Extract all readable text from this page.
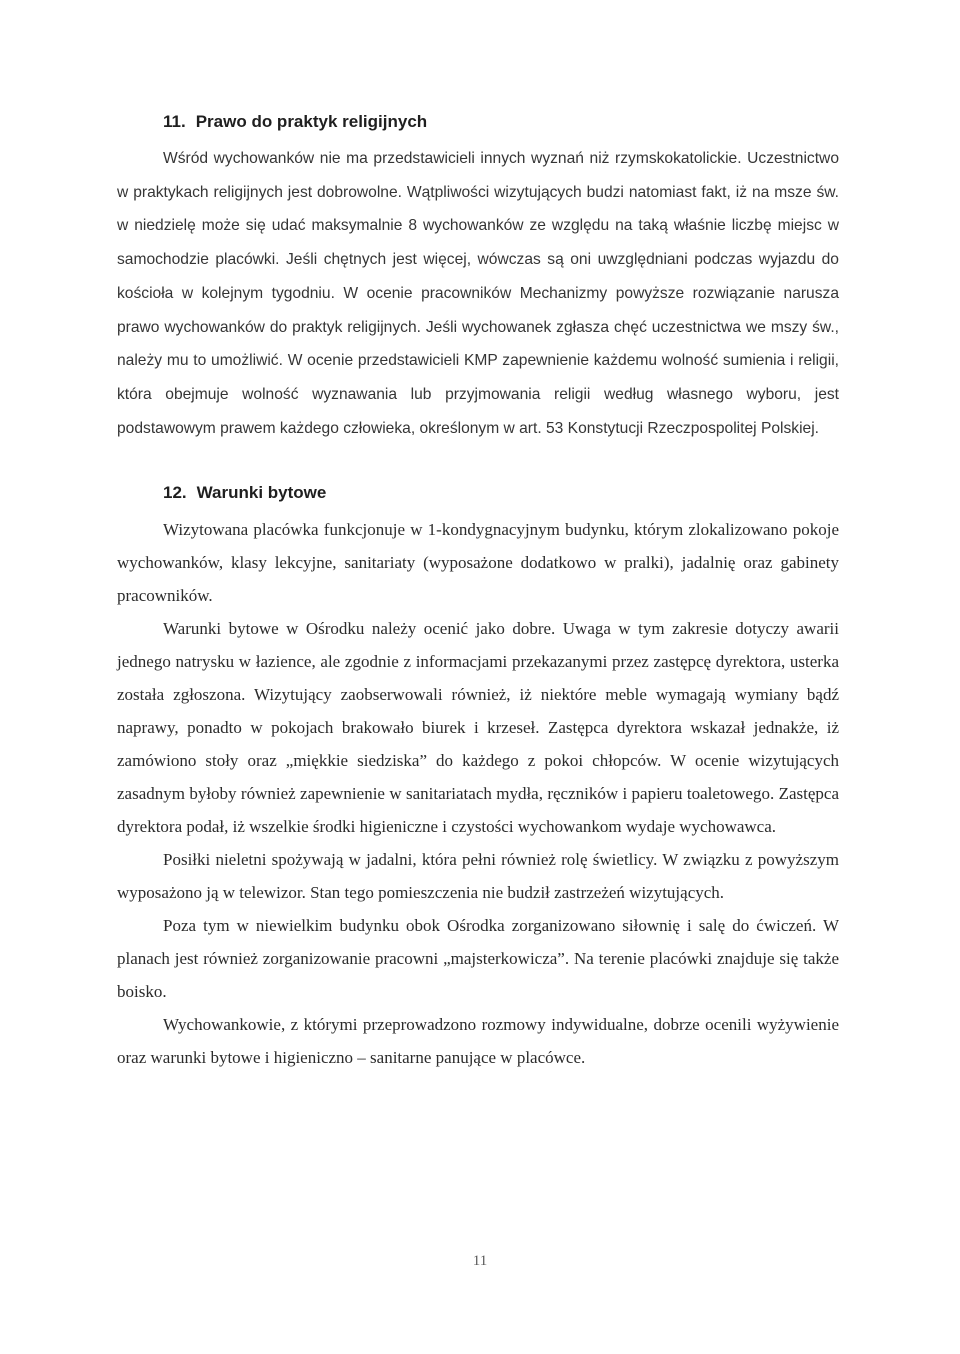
11. Prawo do praktyk religijnych

Wśród wychowanków nie ma przedstawicieli innych wyznań niż rzymskokatolickie. Uczestnictwo w praktykach religijnych jest dobrowolne. Wątpliwości wizytujących budzi natomiast fakt, iż na msze św. w niedzielę może się udać maksymalnie 8 wychowanków ze względu na taką właśnie liczbę miejsc w samochodzie placówki. Jeśli chętnych jest więcej, wówczas są oni uwzględniani podczas wyjazdu do kościoła w kolejnym tygodniu. W ocenie pracowników Mechanizmy powyższe rozwiązanie narusza prawo wychowanków do praktyk religijnych. Jeśli wychowanek zgłasza chęć uczestnictwa we mszy św., należy mu to umożliwić. W ocenie przedstawicieli KMP zapewnienie każdemu wolność sumienia i religii, która obejmuje wolność wyznawania lub przyjmowania religii według własnego wyboru, jest podstawowym prawem każdego człowieka, określonym w art. 53 Konstytucji Rzeczpospolitej Polskiej.

12. Warunki bytowe

Wizytowana placówka funkcjonuje w 1-kondygnacyjnym budynku, którym zlokalizowano pokoje wychowanków, klasy lekcyjne, sanitariaty (wyposażone dodatkowo w pralki), jadalnię oraz gabinety pracowników.

Warunki bytowe w Ośrodku należy ocenić jako dobre. Uwaga w tym zakresie dotyczy awarii jednego natrysku w łazience, ale zgodnie z informacjami przekazanymi przez zastępcę dyrektora, usterka została zgłoszona. Wizytujący zaobserwowali również, iż niektóre meble wymagają wymiany bądź naprawy, ponadto w pokojach brakowało biurek i krzeseł. Zastępca dyrektora wskazał jednakże, iż zamówiono stoły oraz „miękkie siedziska” do każdego z pokoi chłopców. W ocenie wizytujących zasadnym byłoby również zapewnienie w sanitariatach mydła, ręczników i papieru toaletowego. Zastępca dyrektora podał, iż wszelkie środki higieniczne i czystości wychowankom wydaje wychowawca.

Posiłki nieletni spożywają w jadalni, która pełni również rolę świetlicy. W związku z powyższym wyposażono ją w telewizor. Stan tego pomieszczenia nie budził zastrzeżeń wizytujących.

Poza tym w niewielkim budynku obok Ośrodka zorganizowano siłownię i salę do ćwiczeń. W planach jest również zorganizowanie pracowni „majsterkowicza”. Na terenie placówki znajduje się także boisko.

Wychowankowie, z którymi przeprowadzono rozmowy indywidualne, dobrze ocenili wyżywienie oraz warunki bytowe i higieniczno – sanitarne panujące w placówce.

11
